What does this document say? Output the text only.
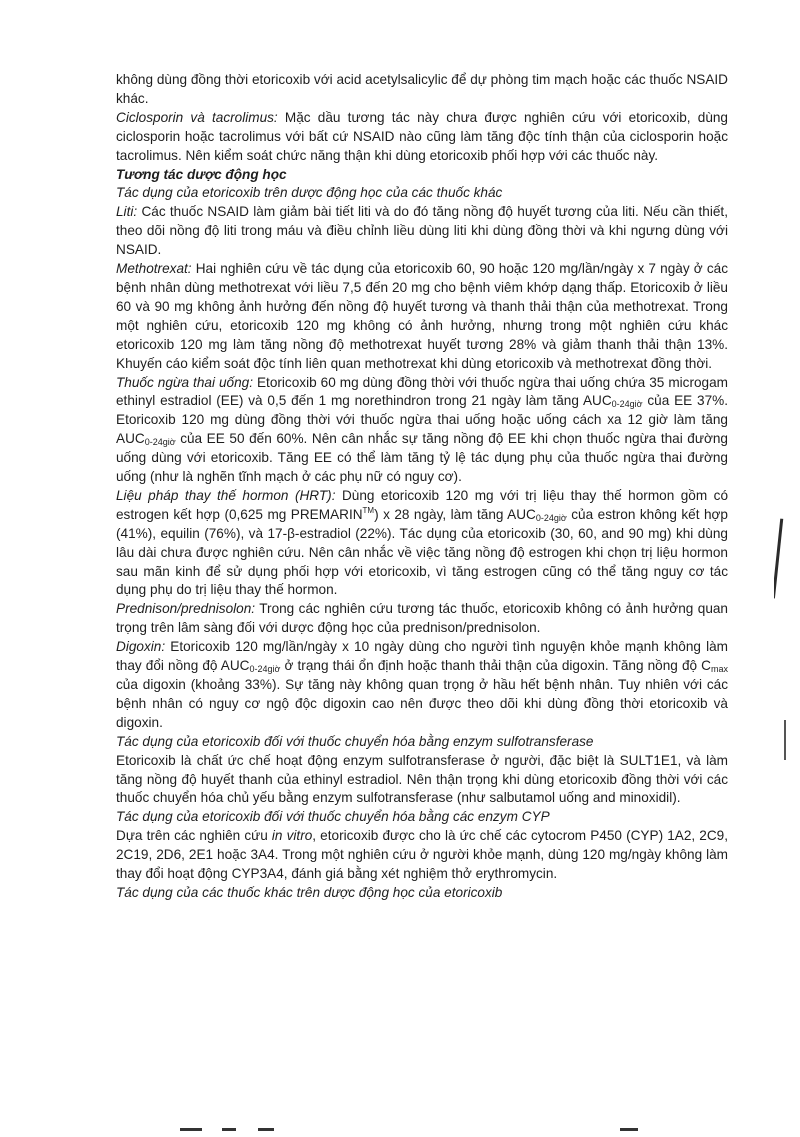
không dùng đồng thời etoricoxib với acid acetylsalicylic để dự phòng tim mạch hoặc các thuốc NSAID khác.

Ciclosporin và tacrolimus: Mặc dầu tương tác này chưa được nghiên cứu với etoricoxib, dùng ciclosporin hoặc tacrolimus với bất cứ NSAID nào cũng làm tăng độc tính thận của ciclosporin hoặc tacrolimus. Nên kiểm soát chức năng thận khi dùng etoricoxib phối hợp với các thuốc này.

Tương tác dược động học

Tác dụng của etoricoxib trên dược động học của các thuốc khác

Liti: Các thuốc NSAID làm giảm bài tiết liti và do đó tăng nồng độ huyết tương của liti. Nếu cần thiết, theo dõi nồng độ liti trong máu và điều chỉnh liều dùng liti khi dùng đồng thời và khi ngưng dùng với NSAID.

Methotrexat: Hai nghiên cứu về tác dụng của etoricoxib 60, 90 hoặc 120 mg/lần/ngày x 7 ngày ở các bệnh nhân dùng methotrexat với liều 7,5 đến 20 mg cho bệnh viêm khớp dạng thấp. Etoricoxib ở liều 60 và 90 mg không ảnh hưởng đến nồng độ huyết tương và thanh thải thận của methotrexat. Trong một nghiên cứu, etoricoxib 120 mg không có ảnh hưởng, nhưng trong một nghiên cứu khác etoricoxib 120 mg làm tăng nồng độ methotrexat huyết tương 28% và giảm thanh thải thận 13%. Khuyến cáo kiểm soát độc tính liên quan methotrexat khi dùng etoricoxib và methotrexat đồng thời.

Thuốc ngừa thai uống: Etoricoxib 60 mg dùng đồng thời với thuốc ngừa thai uống chứa 35 microgam ethinyl estradiol (EE) và 0,5 đến 1 mg norethindron trong 21 ngày làm tăng $AUC_{0-24giờ}$ của EE 37%. Etoricoxib 120 mg dùng đồng thời với thuốc ngừa thai uống hoặc uống cách xa 12 giờ làm tăng $AUC_{0-24giờ}$ của EE 50 đến 60%. Nên cân nhắc sự tăng nồng độ EE khi chọn thuốc ngừa thai đường uống dùng với etoricoxib. Tăng EE có thể làm tăng tỷ lệ tác dụng phụ của thuốc ngừa thai đường uống (như là nghẽn tĩnh mạch ở các phụ nữ có nguy cơ).

Liệu pháp thay thế hormon (HRT): Dùng etoricoxib 120 mg với trị liệu thay thế hormon gồm có estrogen kết hợp (0,625 mg PREMARIN™) x 28 ngày, làm tăng $AUC_{0-24giờ}$ của estron không kết hợp (41%), equilin (76%), và 17-β-estradiol (22%). Tác dụng của etoricoxib (30, 60, and 90 mg) khi dùng lâu dài chưa được nghiên cứu. Nên cân nhắc về việc tăng nồng độ estrogen khi chọn trị liệu hormon sau mãn kinh để sử dụng phối hợp với etoricoxib, vì tăng estrogen cũng có thể tăng nguy cơ tác dụng phụ do trị liệu thay thế hormon.

Prednison/prednisolon: Trong các nghiên cứu tương tác thuốc, etoricoxib không có ảnh hưởng quan trọng trên lâm sàng đối với dược động học của prednison/prednisolon.

Digoxin: Etoricoxib 120 mg/lần/ngày x 10 ngày dùng cho người tình nguyện khỏe mạnh không làm thay đổi nồng độ $AUC_{0-24giờ}$ ở trạng thái ổn định hoặc thanh thải thận của digoxin. Tăng nồng độ $C_{max}$ của digoxin (khoảng 33%). Sự tăng này không quan trọng ở hầu hết bệnh nhân. Tuy nhiên với các bệnh nhân có nguy cơ ngộ độc digoxin cao nên được theo dõi khi dùng đồng thời etoricoxib và digoxin.

Tác dụng của etoricoxib đối với thuốc chuyển hóa bằng enzym sulfotransferase

Etoricoxib là chất ức chế hoạt động enzym sulfotransferase ở người, đặc biệt là SULT1E1, và làm tăng nồng độ huyết thanh của ethinyl estradiol. Nên thận trọng khi dùng etoricoxib đồng thời với các thuốc chuyển hóa chủ yếu bằng enzym sulfotransferase (như salbutamol uống and minoxidil).

Tác dụng của etoricoxib đối với thuốc chuyển hóa bằng các enzym CYP

Dựa trên các nghiên cứu in vitro, etoricoxib được cho là ức chế các cytocrom P450 (CYP) 1A2, 2C9, 2C19, 2D6, 2E1 hoặc 3A4. Trong một nghiên cứu ở người khỏe mạnh, dùng 120 mg/ngày không làm thay đổi hoạt động CYP3A4, đánh giá bằng xét nghiệm thở erythromycin.

Tác dụng của các thuốc khác trên dược động học của etoricoxib
